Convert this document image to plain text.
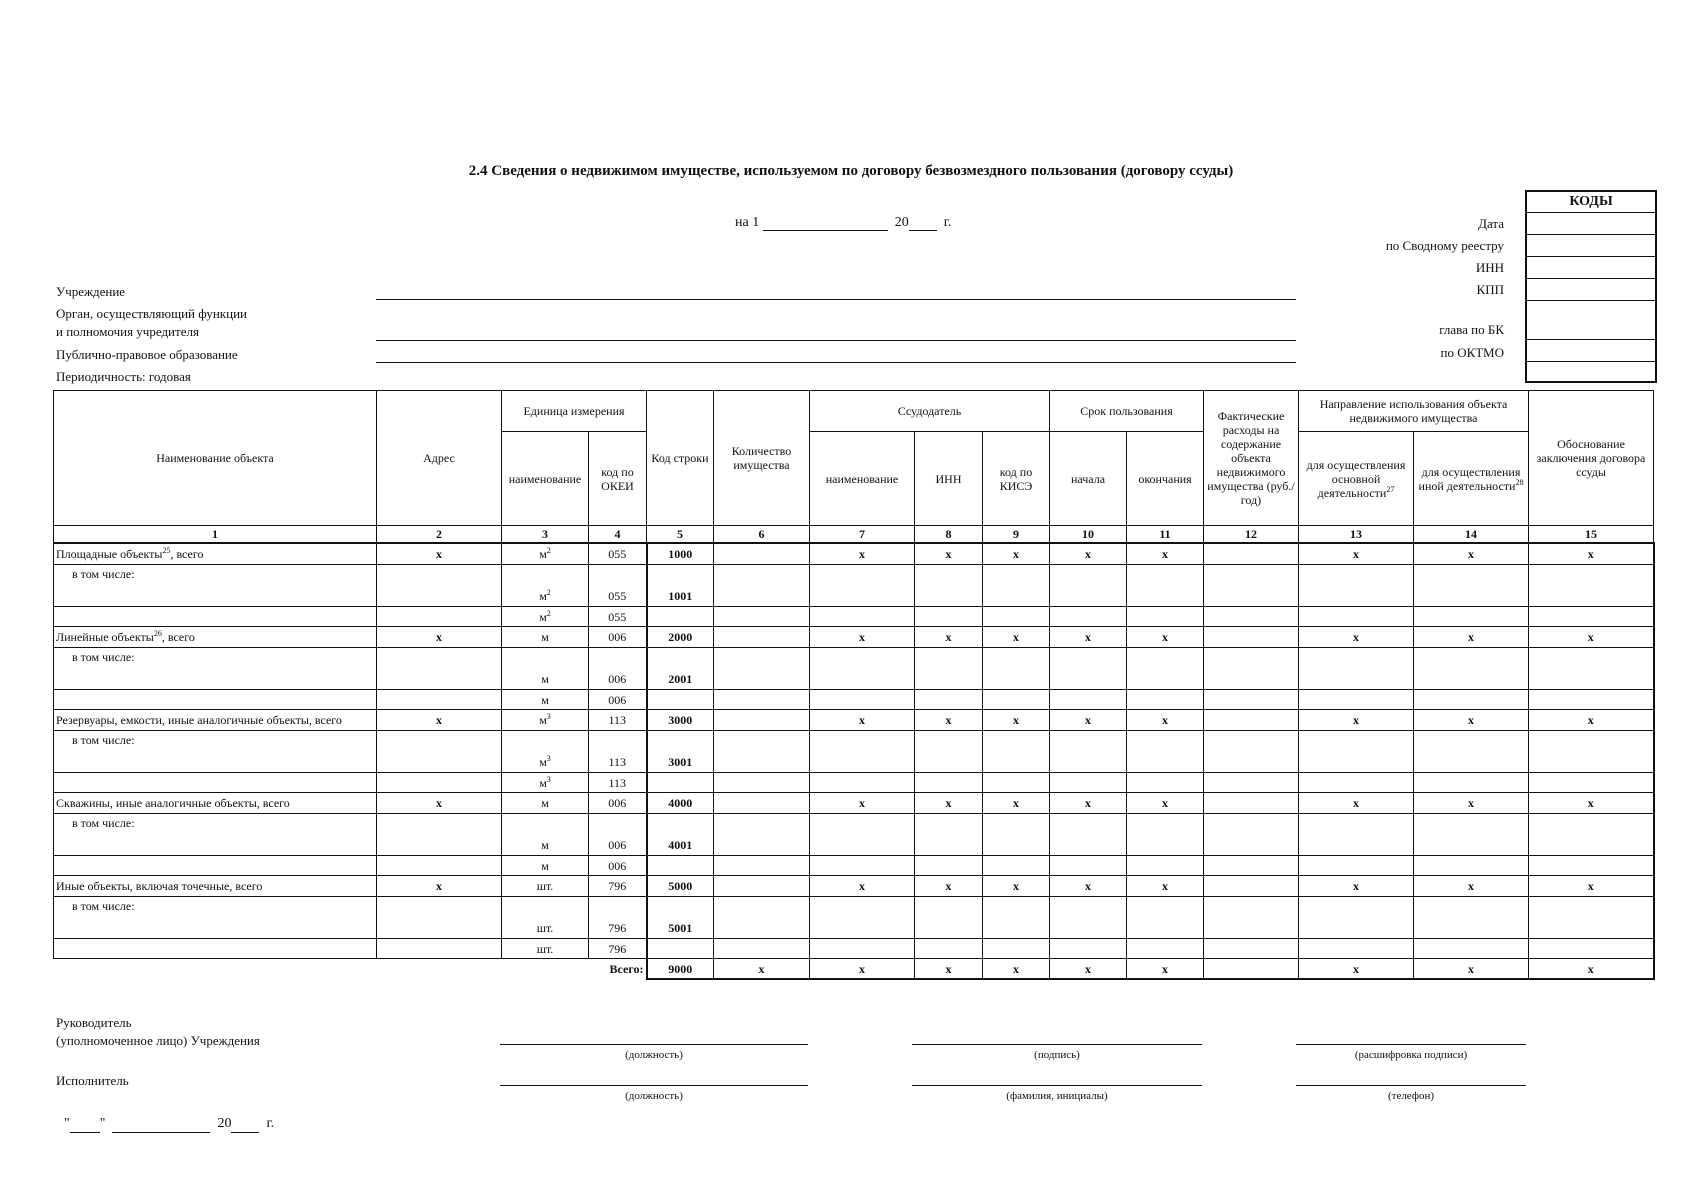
2.4 Сведения о недвижимом имуществе, используемом по договору безвозмездного пользования (договору ссуды)
на 1	20	г.
КОДЫ
Дата
по Сводному реестру
ИНН
КПП
глава по БК
по ОКТМО
Учреждение
Орган, осуществляющий функции
и полномочия учредителя
Публично-правовое образование
Периодичность: годовая
Наименование объекта	Адрес	Единица измерения		Код строки	Количество имущества	Ссудодатель			Срок пользования		Фактические расходы на содержание объекта недвижимого имущества (руб./год)	Направление использования объекта недвижимого имущества		Обоснование заключения договора ссуды
		наименование	код по ОКЕИ			наименование	ИНН	код по КИСЭ	начала	окончания		для осуществления основной деятельности$^{27}$	для осуществления иной деятельности$^{28}$
1	2	3	4	5	6	7	8	9	10	11	12	13	14	15
Площадные объекты$^{25}$, всего	x	$м^2$	055	1000		x	x	x	x	x		x	x	x
в том числе:		$м^2$	055	1001										
		$м^2$	055											
Линейные объекты$^{26}$, всего	x	м	006	2000		x	x	x	x	x		x	x	x
в том числе:		м	006	2001										
		м	006											
Резервуары, емкости, иные аналогичные объекты, всего	x	$м^3$	113	3000		x	x	x	x	x		x	x	x
в том числе:		$м^3$	113	3001										
		$м^3$	113											
Скважины, иные аналогичные объекты, всего	x	м	006	4000		x	x	x	x	x		x	x	x
в том числе:		м	006	4001										
		м	006											
Иные объекты, включая точечные, всего	x	шт.	796	5000		x	x	x	x	x		x	x	x
в том числе:		шт.	796	5001										
		шт.	796											
			Всего:	9000	x	x	x	x	x	x		x	x	x
Руководитель
(уполномоченное лицо) Учреждения
Исполнитель
(должность)	(подпись)	(расшифровка подписи)
(должность)	(фамилия, инициалы)	(телефон)
" "	20	г.
